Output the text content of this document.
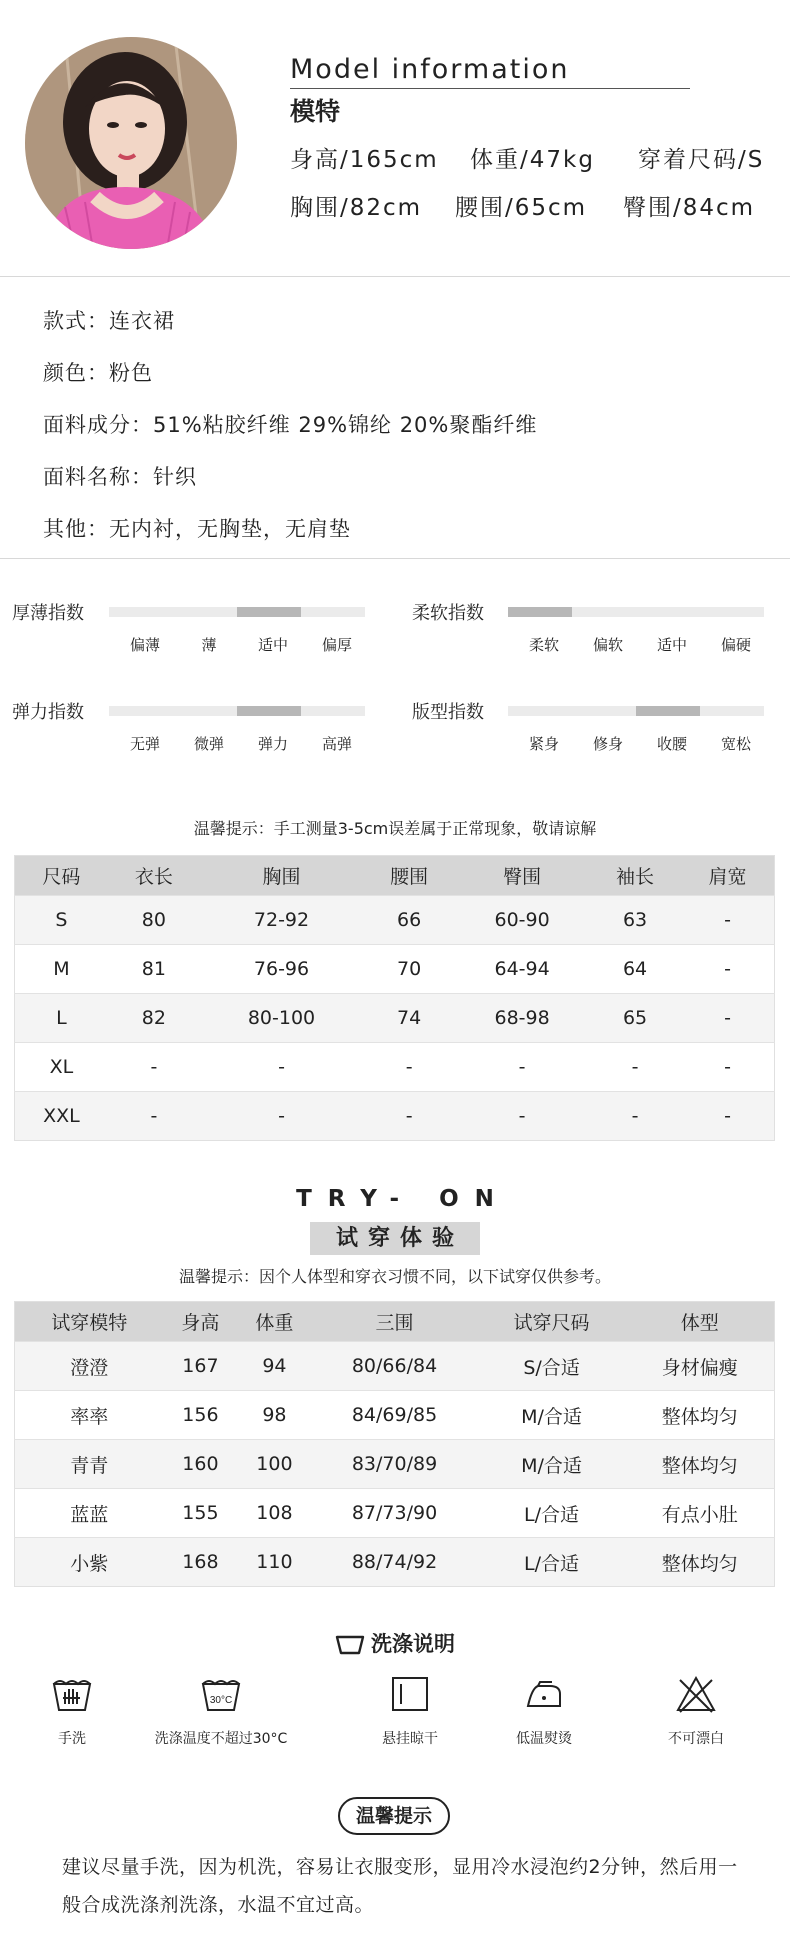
Model information
模特
身高/165cm 体重/47kg 穿着尺码/S
胸围/82cm 腰围/65cm 臀围/84cm
款式：连衣裙
颜色：粉色
面料成分：51%粘胶纤维 29%锦纶 20%聚酯纤维
面料名称：针织
其他：无内衬，无胸垫，无肩垫
厚薄指数
偏薄	薄	适中	偏厚
柔软指数
柔软	偏软	适中	偏硬
弹力指数
无弹	微弹	弹力	高弹
版型指数
紧身	修身	收腰	宽松
温馨提示：手工测量3-5cm误差属于正常现象，敬请谅解
尺码	衣长	胸围	腰围	臀围	袖长	肩宽
S	80	72-92	66	60-90	63	-
M	81	76-96	70	64-94	64	-
L	82	80-100	74	68-98	65	-
XL	-	-	-	-	-	-
XXL	-	-	-	-	-	-
TRY- ON
试穿体验
温馨提示：因个人体型和穿衣习惯不同，以下试穿仅供参考。
试穿模特	身高	体重	三围	试穿尺码	体型
澄澄	167	94	80/66/84	S/合适	身材偏瘦
率率	156	98	84/69/85	M/合适	整体均匀
青青	160	100	83/70/89	M/合适	整体均匀
蓝蓝	155	108	87/73/90	L/合适	有点小肚
小紫	168	110	88/74/92	L/合适	整体均匀
洗涤说明
手洗
30°C
洗涤温度不超过30°C	悬挂晾干	低温熨烫	不可漂白
温馨提示
建议尽量手洗，因为机洗，容易让衣服变形，显用冷水浸泡约2分钟，然后用一般合成洗涤剂洗涤，水温不宜过高。
